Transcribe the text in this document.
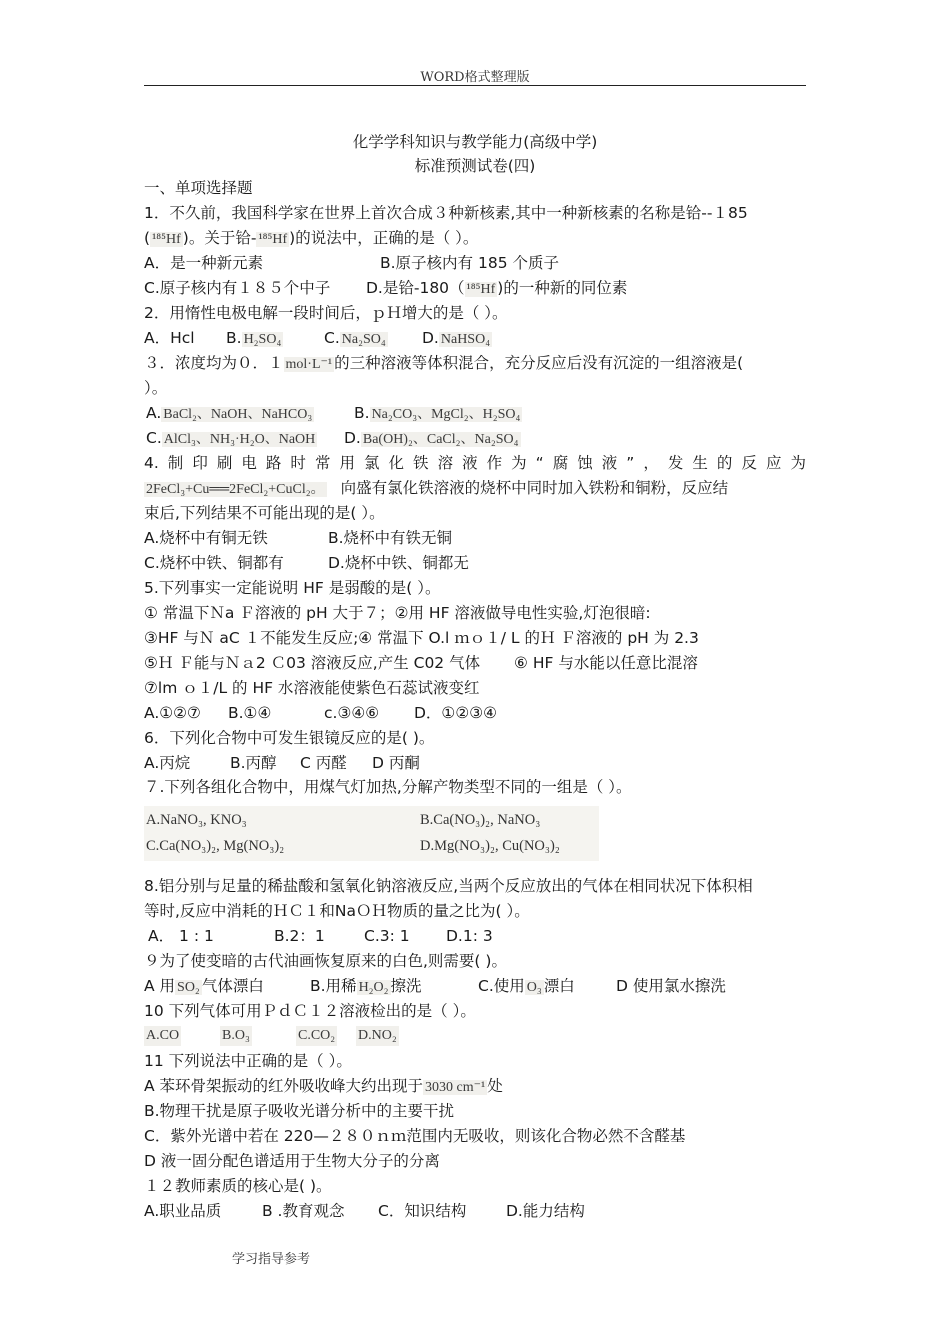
WORD格式整理版
化学学科知识与教学能力(高级中学)
标准预测试卷(四)
一、单项选择题
1．不久前，我国科学家在世界上首次合成３种新核素,其中一种新核素的名称是铪--１85
( ¹⁸⁵Hf )。关于铪- ¹⁸⁵Hf )的说法中，正确的是（ ）。
A．是一种新元素	B.原子核内有 185 个质子
C.原子核内有１８５个中子 D.是铪-180（ ¹⁸⁵Hf )的一种新的同位素
2．用惰性电极电解一段时间后，ｐＨ增大的是（ ）。
A．Hcl B. H₂SO₄	C. Na₂SO₄ D. NaHSO₄
３．浓度均为０．１ mol·L⁻¹ 的三种溶液等体积混合，充分反应后没有沉淀的一组溶液是(
）。
A. BaCl₂、NaOH、NaHCO₃	B. Na₂CO₃、MgCl₂、H₂SO₄
C. AlCl₃、NH₃·H₂O、NaOH D. Ba(OH)₂、CaCl₂、Na₂SO₄
4.制印刷电路时常用氯化铁溶液作为“腐蚀液”，发生的反应为
2FeCl₃+Cu══2FeCl₂+CuCl₂。 向盛有氯化铁溶液的烧杯中同时加入铁粉和铜粉，反应结
束后,下列结果不可能出现的是( ）。
A.烧杯中有铜无铁	B.烧杯中有铁无铜
C.烧杯中铁、铜都有	D.烧杯中铁、铜都无
5.下列事实一定能说明 HF 是弱酸的是( ）。
① 常温下Ｎa Ｆ溶液的 pH 大于７；②用 HF 溶液做导电性实验,灯泡很暗:
③HF 与Ｎ aC １不能发生反应;④ 常温下 O.l ｍｏ１/ L 的Ｈ Ｆ溶液的 pH 为 2.3
⑤Ｈ Ｆ能与Ｎａ2 Ｃ03 溶液反应,产生 C02 气体 ⑥ HF 与水能以任意比混溶
⑦lm ｏ１/L 的 HF 水溶液能使紫色石蕊试液变红
A.①②⑦ B.①④	c.③④⑥ D．①②③④
6．下列化合物中可发生银镜反应的是( )。
A.丙烷	B.丙醇 C 丙醛 D 丙酮
７.下列各组化合物中，用煤气灯加热,分解产物类型不同的一组是（ ）。
A.NaNO₃, KNO₃	B.Ca(NO₃)₂, NaNO₃
C.Ca(NO₃)₂, Mg(NO₃)₂	D.Mg(NO₃)₂, Cu(NO₃)₂
8.铝分别与足量的稀盐酸和氢氧化钠溶液反应,当两个反应放出的气体在相同状况下体积相
等时,反应中消耗的ＨＣ１和NaＯＨ物质的量之比为( ）。
A． 1 : 1	B.2：1	C.3: 1 D.1: 3
９为了使变暗的古代油画恢复原来的白色,则需要( )。
A 用 SO₂ 气体漂白	B.用稀 H₂O₂ 擦洗	C.使用 O₃ 漂白	D 使用氯水擦洗
10 下列气体可用ＰｄＣ１２溶液检出的是（ ）。
A.CO	B.O₃	C.CO₂ D.NO₂
11 下列说法中正确的是（ ）。
A 苯环骨架振动的红外吸收峰大约出现于 3030 cm⁻¹ 处
B.物理干扰是原子吸收光谱分析中的主要干扰
C．紫外光谱中若在 220—２８０ｎｍ范围内无吸收，则该化合物必然不含醛基
D 液一固分配色谱适用于生物大分子的分离
１２教师素质的核心是( )。
A.职业品质	B .教育观念 C．知识结构	D.能力结构
学习指导参考
